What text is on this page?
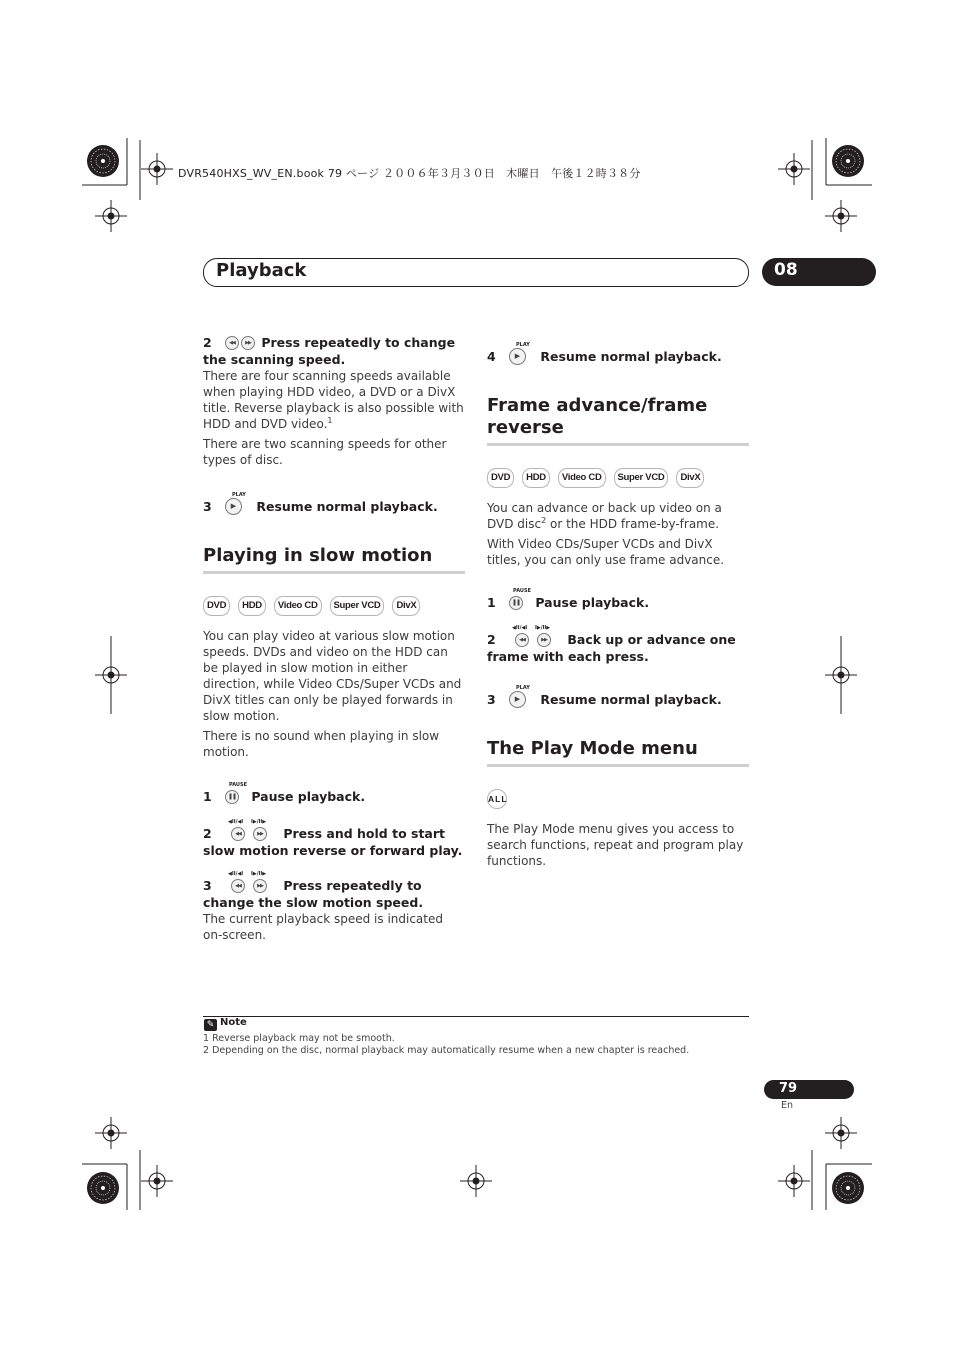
DVR540HXS_WV_EN.book 79 ページ ２００６年３月３０日　木曜日　午後１２時３８分
Playback	08
2 ◀◀ ▶▶	Press repeatedly to change the scanning speed.
There are four scanning speeds available when playing HDD video, a DVD or a DivX title. Reverse playback is also possible with HDD and DVD video.$^1$
There are two scanning speeds for other types of disc.
PLAY
3 ▶	Resume normal playback.
Playing in slow motion
DVD	HDD	Video CD	Super VCD	DivX
You can play video at various slow motion speeds. DVDs and video on the HDD can be played in slow motion in either direction, while Video CDs/Super VCDs and DivX titles can only be played forwards in slow motion.
There is no sound when playing in slow motion.
PAUSE
1 ❚❚	Pause playback.
◀II/◀I I▶/II▶
2 ◀◀ ▶▶	Press and hold to start slow motion reverse or forward play.
◀II/◀I I▶/II▶
3 ◀◀ ▶▶	Press repeatedly to change the slow motion speed.
The current playback speed is indicated on-screen.
PLAY
4 ▶	Resume normal playback.
Frame advance/frame reverse
DVD	HDD	Video CD	Super VCD	DivX
You can advance or back up video on a DVD disc$^2$ or the HDD frame-by-frame.
With Video CDs/Super VCDs and DivX titles, you can only use frame advance.
PAUSE
1 ❚❚	Pause playback.
◀II/◀I I▶/II▶
2 ◀◀ ▶▶	Back up or advance one frame with each press.
PLAY
3 ▶	Resume normal playback.
The Play Mode menu
ALL
The Play Mode menu gives you access to search functions, repeat and program play functions.
✎ Note
1 Reverse playback may not be smooth.
2 Depending on the disc, normal playback may automatically resume when a new chapter is reached.
79
En
